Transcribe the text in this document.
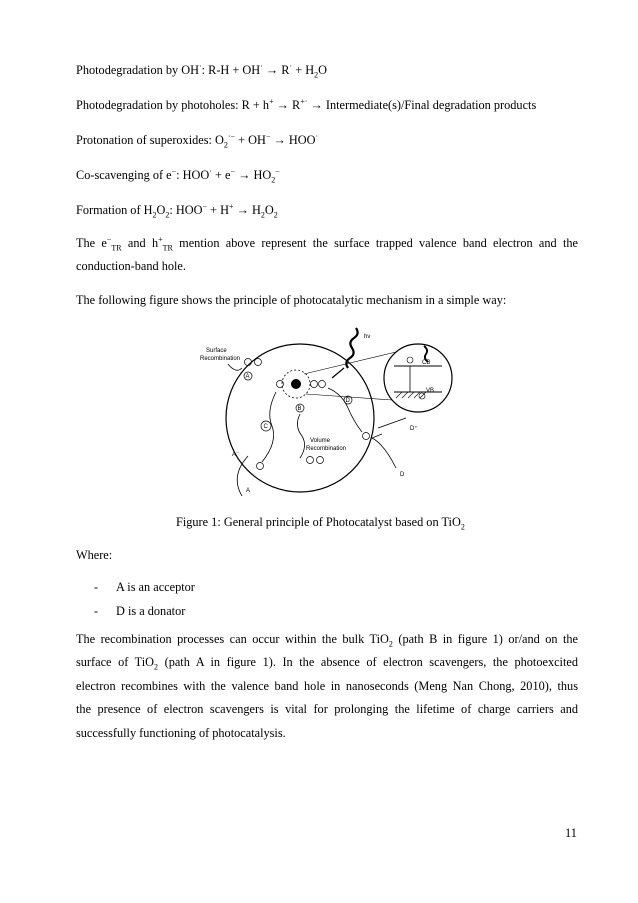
Photodegradation by OH·: $R-H + OH^\cdot \to R^\cdot + H_2O$
Photodegradation by photoholes: R + h+ → R+· → Intermediate(s)/Final degradation products
Protonation of superoxides: $O_2^{\cdot-} + OH^- \to HOO^\cdot$
Co-scavenging of e−: $HOO^\cdot + e^- \to HO_2^-$
Formation of $H_2O_2$: $HOO^- + H^+ \to H_2O_2$
The $e^-_{TR}$ and $h^+_{TR}$ mention above represent the surface trapped valence band electron and the
conduction-band hole.
The following figure shows the principle of photocatalytic mechanism in a simple way:
CB
VB
hν
Surface
Recombination
A
B
Volume
Recombination
C
D
A⁻
A
D⁺
D
Figure 1: General principle of Photocatalyst based on TiO$_2$
Where:
- A is an acceptor
- D is a donator
The recombination processes can occur within the bulk TiO$_2$ (path B in figure 1) or/and on the
surface of TiO$_2$ (path A in figure 1). In the absence of electron scavengers, the photoexcited
electron recombines with the valence band hole in nanoseconds (Meng Nan Chong, 2010), thus
the presence of electron scavengers is vital for prolonging the lifetime of charge carriers and
successfully functioning of photocatalysis.
11
